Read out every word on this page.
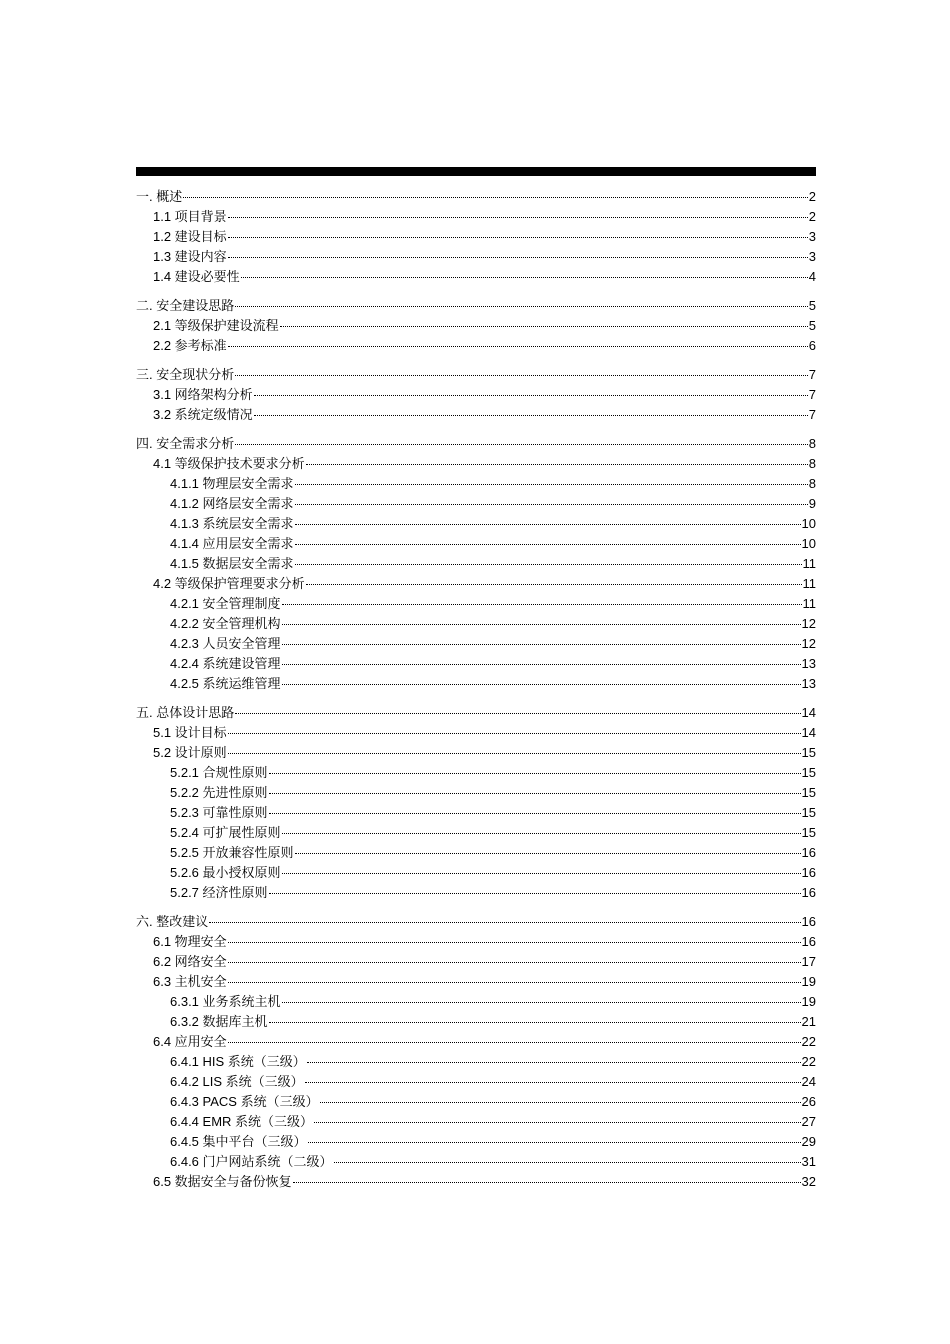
一. 概述	2
1.1 项目背景	2
1.2 建设目标	3
1.3 建设内容	3
1.4 建设必要性	4
二. 安全建设思路	5
2.1 等级保护建设流程	5
2.2 参考标准	6
三. 安全现状分析	7
3.1 网络架构分析	7
3.2 系统定级情况	7
四. 安全需求分析	8
4.1 等级保护技术要求分析	8
4.1.1 物理层安全需求	8
4.1.2 网络层安全需求	9
4.1.3 系统层安全需求	10
4.1.4 应用层安全需求	10
4.1.5 数据层安全需求	11
4.2 等级保护管理要求分析	11
4.2.1 安全管理制度	11
4.2.2 安全管理机构	12
4.2.3 人员安全管理	12
4.2.4 系统建设管理	13
4.2.5 系统运维管理	13
五. 总体设计思路	14
5.1 设计目标	14
5.2 设计原则	15
5.2.1 合规性原则	15
5.2.2 先进性原则	15
5.2.3 可靠性原则	15
5.2.4 可扩展性原则	15
5.2.5 开放兼容性原则	16
5.2.6 最小授权原则	16
5.2.7 经济性原则	16
六. 整改建议	16
6.1 物理安全	16
6.2 网络安全	17
6.3 主机安全	19
6.3.1 业务系统主机	19
6.3.2 数据库主机	21
6.4 应用安全	22
6.4.1 HIS 系统（三级）	22
6.4.2 LIS 系统（三级）	24
6.4.3 PACS 系统（三级）	26
6.4.4 EMR 系统（三级）	27
6.4.5 集中平台（三级）	29
6.4.6 门户网站系统（二级）	31
6.5 数据安全与备份恢复	32
